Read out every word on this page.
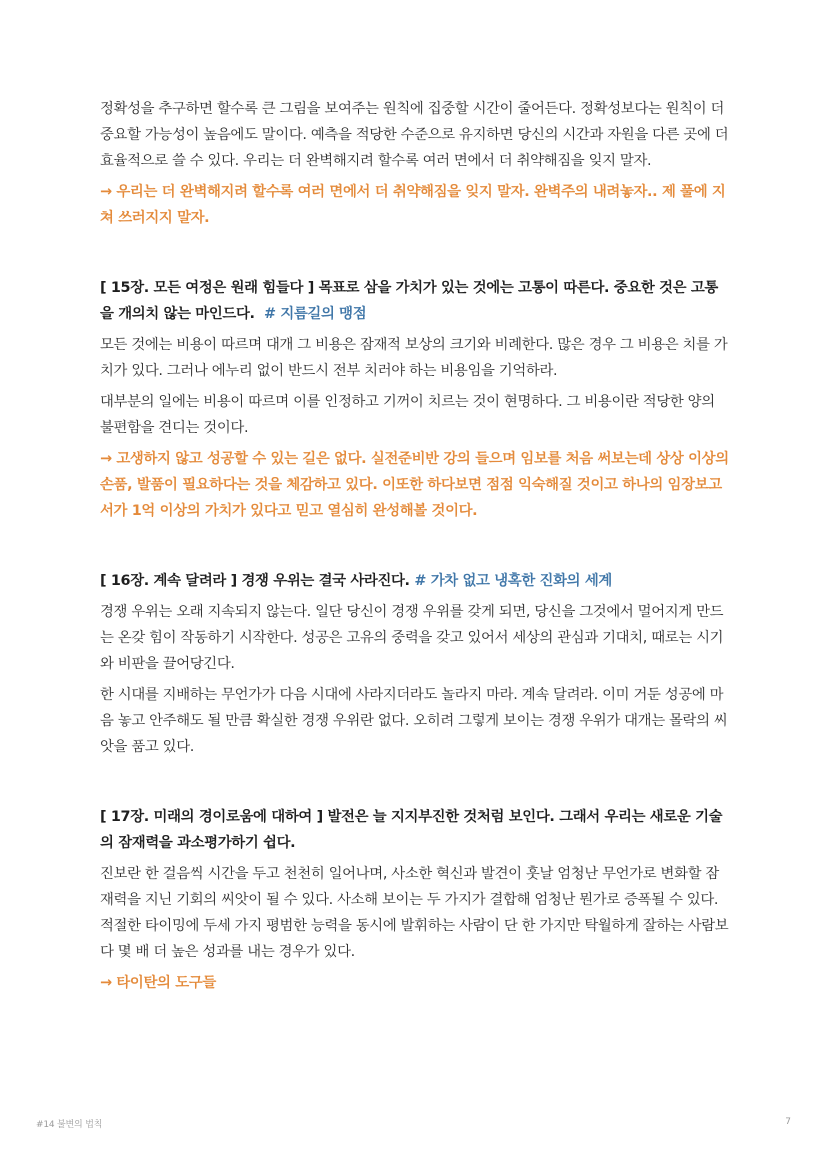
정확성을 추구하면 할수록 큰 그림을 보여주는 원칙에 집중할 시간이 줄어든다. 정확성보다는 원칙이 더 중요할 가능성이 높음에도 말이다. 예측을 적당한 수준으로 유지하면 당신의 시간과 자원을 다른 곳에 더 효율적으로 쓸 수 있다. 우리는 더 완벽해지려 할수록 여러 면에서 더 취약해짐을 잊지 말자.

→ 우리는 더 완벽해지려 할수록 여러 면에서 더 취약해짐을 잊지 말자. 완벽주의 내려놓자.. 제 풀에 지쳐 쓰러지지 말자.

[ 15장. 모든 여정은 원래 힘들다 ] 목표로 삼을 가치가 있는 것에는 고통이 따른다. 중요한 것은 고통을 개의치 않는 마인드다. # 지름길의 맹점

모든 것에는 비용이 따르며 대개 그 비용은 잠재적 보상의 크기와 비례한다. 많은 경우 그 비용은 치를 가치가 있다. 그러나 에누리 없이 반드시 전부 치러야 하는 비용임을 기억하라.

대부분의 일에는 비용이 따르며 이를 인정하고 기꺼이 치르는 것이 현명하다. 그 비용이란 적당한 양의 불편함을 견디는 것이다.

→ 고생하지 않고 성공할 수 있는 길은 없다. 실전준비반 강의 들으며 임보를 처음 써보는데 상상 이상의 손품, 발품이 필요하다는 것을 체감하고 있다. 이또한 하다보면 점점 익숙해질 것이고 하나의 임장보고서가 1억 이상의 가치가 있다고 믿고 열심히 완성해볼 것이다.

[ 16장. 계속 달려라 ] 경쟁 우위는 결국 사라진다. # 가차 없고 냉혹한 진화의 세계

경쟁 우위는 오래 지속되지 않는다. 일단 당신이 경쟁 우위를 갖게 되면, 당신을 그것에서 멀어지게 만드는 온갖 힘이 작동하기 시작한다. 성공은 고유의 중력을 갖고 있어서 세상의 관심과 기대치, 때로는 시기와 비판을 끌어당긴다.

한 시대를 지배하는 무언가가 다음 시대에 사라지더라도 놀라지 마라. 계속 달려라. 이미 거둔 성공에 마음 놓고 안주해도 될 만큼 확실한 경쟁 우위란 없다. 오히려 그렇게 보이는 경쟁 우위가 대개는 몰락의 씨앗을 품고 있다.

[ 17장. 미래의 경이로움에 대하여 ] 발전은 늘 지지부진한 것처럼 보인다. 그래서 우리는 새로운 기술의 잠재력을 과소평가하기 쉽다.

진보란 한 걸음씩 시간을 두고 천천히 일어나며, 사소한 혁신과 발견이 훗날 엄청난 무언가로 변화할 잠재력을 지닌 기회의 씨앗이 될 수 있다. 사소해 보이는 두 가지가 결합해 엄청난 뭔가로 증폭될 수 있다. 적절한 타이밍에 두세 가지 평범한 능력을 동시에 발휘하는 사람이 단 한 가지만 탁월하게 잘하는 사람보다 몇 배 더 높은 성과를 내는 경우가 있다.

→ 타이탄의 도구들

#14 불변의 법칙	7
